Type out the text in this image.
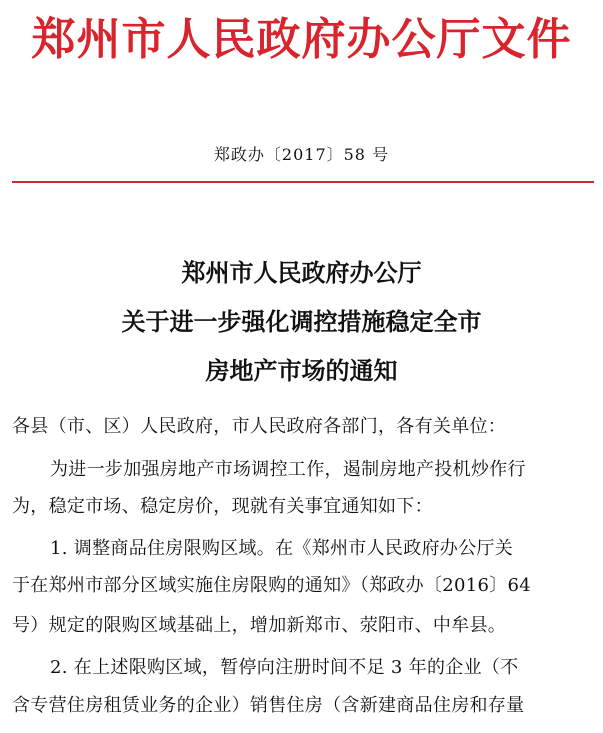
郑州市人民政府办公厅文件
郑政办〔2017〕58 号
郑州市人民政府办公厅
关于进一步强化调控措施稳定全市
房地产市场的通知
各县（市、区）人民政府，市人民政府各部门，各有关单位：
为进一步加强房地产市场调控工作，遏制房地产投机炒作行
为，稳定市场、稳定房价，现就有关事宜通知如下：
1. 调整商品住房限购区域。在《郑州市人民政府办公厅关
于在郑州市部分区域实施住房限购的通知》（郑政办〔2016〕64
号）规定的限购区域基础上，增加新郑市、荥阳市、中牟县。
2. 在上述限购区域，暂停向注册时间不足 3 年的企业（不
含专营住房租赁业务的企业）销售住房（含新建商品住房和存量
